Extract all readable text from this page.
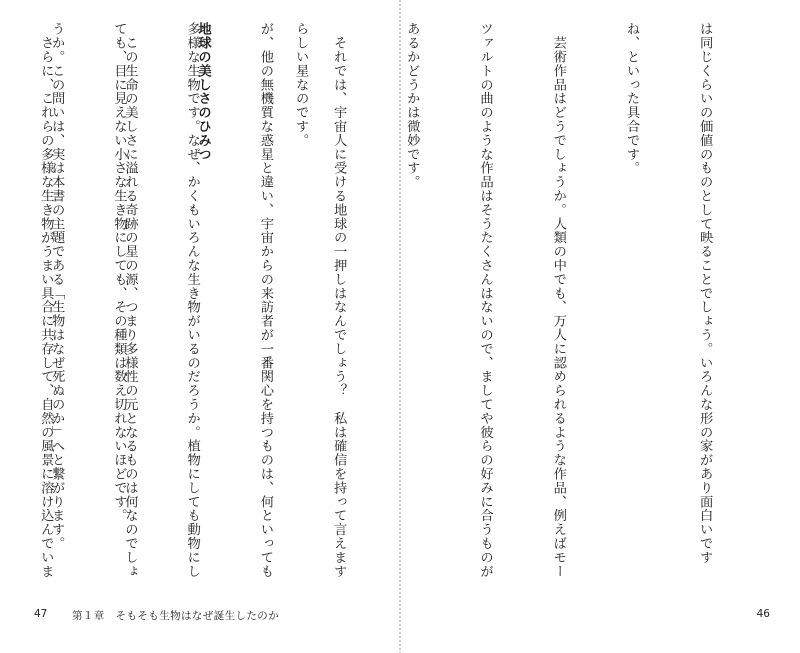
らしい星なのです。

地球の美しさのひみつ

　この生命の美しさに溢れる奇跡の星の源、つまり多様性の元となるものは何なのでしょ

うか。この問いは、実は本書の主題である「生物はなぜ死ぬのか」へと繋がります。

47 第１章　そもそも生物はなぜ誕生したのか

は同じくらいの価値のものとして映ることでしょう。いろんな形の家があり面白いです

ね、といった具合です。

　芸術作品はどうでしょうか。人類の中でも、万人に認められるような作品、例えばモー

ツァルトの曲のような作品はそうたくさんはないので、ましてや彼らの好みに合うものが

あるかどうかは微妙です。

　それでは、宇宙人に受ける地球の一押しはなんでしょう？　私は確信を持って言えます

が、他の無機質な惑星と違い、宇宙からの来訪者が一番関心を持つものは、何といっても

多様な生物です。なぜ、かくもいろんな生き物がいるのだろうか。植物にしても動物にし

ても、目に見えない小さな生き物にしても、その種類は数え切れないほどです。

　さらに、これらの多様な生き物がうまい具合に共存して、自然の風景に溶け込んでいま

46
